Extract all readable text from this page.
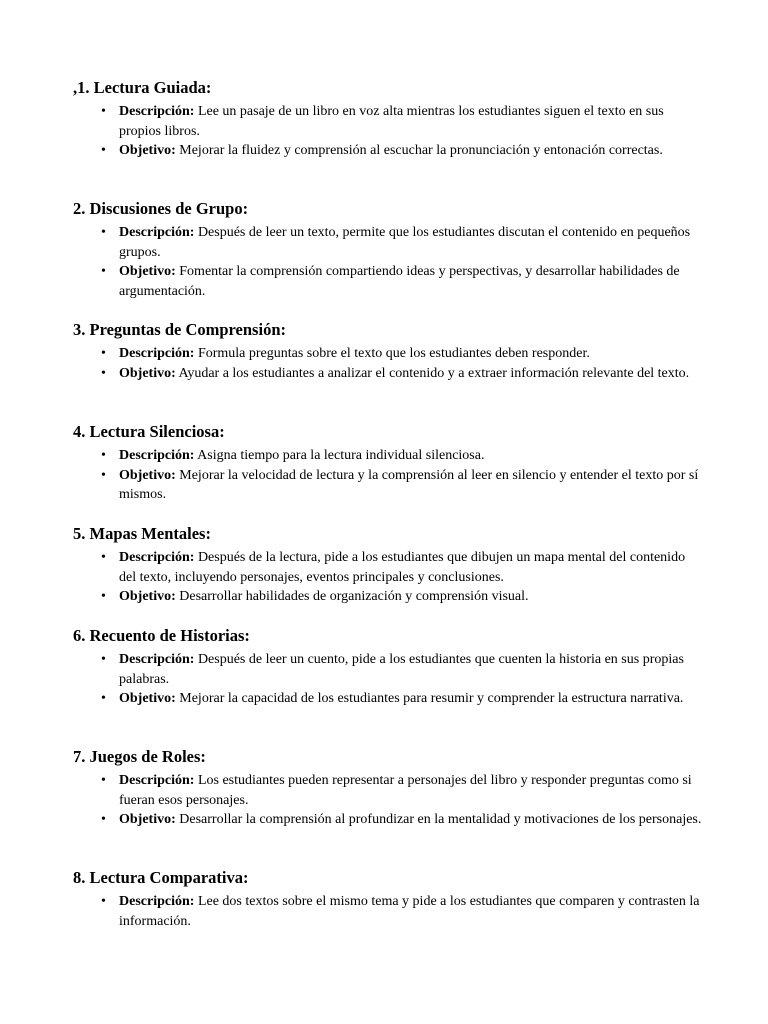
,1. Lectura Guiada:
• Descripción: Lee un pasaje de un libro en voz alta mientras los estudiantes siguen el texto en sus propios libros.
• Objetivo: Mejorar la fluidez y comprensión al escuchar la pronunciación y entonación correctas.
2. Discusiones de Grupo:
• Descripción: Después de leer un texto, permite que los estudiantes discutan el contenido en pequeños grupos.
• Objetivo: Fomentar la comprensión compartiendo ideas y perspectivas, y desarrollar habilidades de argumentación.
3. Preguntas de Comprensión:
• Descripción: Formula preguntas sobre el texto que los estudiantes deben responder.
• Objetivo: Ayudar a los estudiantes a analizar el contenido y a extraer información relevante del texto.
4. Lectura Silenciosa:
• Descripción: Asigna tiempo para la lectura individual silenciosa.
• Objetivo: Mejorar la velocidad de lectura y la comprensión al leer en silencio y entender el texto por sí mismos.
5. Mapas Mentales:
• Descripción: Después de la lectura, pide a los estudiantes que dibujen un mapa mental del contenido del texto, incluyendo personajes, eventos principales y conclusiones.
• Objetivo: Desarrollar habilidades de organización y comprensión visual.
6. Recuento de Historias:
• Descripción: Después de leer un cuento, pide a los estudiantes que cuenten la historia en sus propias palabras.
• Objetivo: Mejorar la capacidad de los estudiantes para resumir y comprender la estructura narrativa.
7. Juegos de Roles:
• Descripción: Los estudiantes pueden representar a personajes del libro y responder preguntas como si fueran esos personajes.
• Objetivo: Desarrollar la comprensión al profundizar en la mentalidad y motivaciones de los personajes.
8. Lectura Comparativa:
• Descripción: Lee dos textos sobre el mismo tema y pide a los estudiantes que comparen y contrasten la información.
